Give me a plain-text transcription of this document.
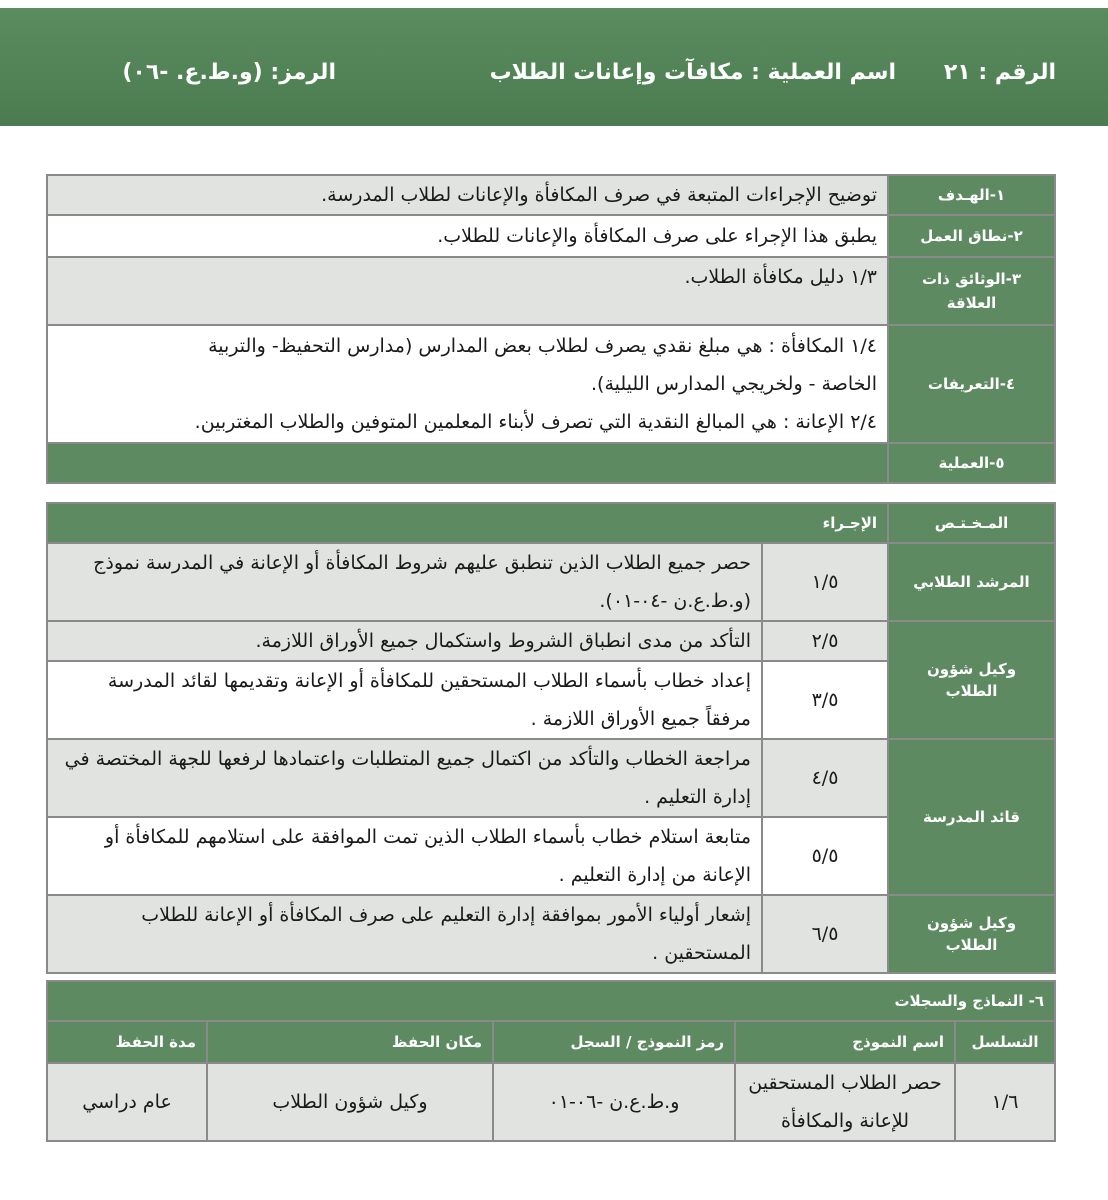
الرقم : ٢١
اسم العملية : مكافآت وإعانات الطلاب
الرمز: (و.ط.ع. -٠٦)
١-الهـدف	توضيح الإجراءات المتبعة في صرف المكافأة والإعانات لطلاب المدرسة.
٢-نطاق العمل	يطبق هذا الإجراء على صرف المكافأة والإعانات للطلاب.
٣-الوثائق ذات العلاقة	١/٣ دليل مكافأة الطلاب.
٤-التعريفات	١/٤ المكافأة : هي مبلغ نقدي يصرف لطلاب بعض المدارس (مدارس التحفيظ- والتربية
الخاصة - ولخريجي المدارس الليلية).
٢/٤ الإعانة : هي المبالغ النقدية التي تصرف لأبناء المعلمين المتوفين والطلاب المغتربين.

٥-العملية	
المـخـتـص	الإجـراء	
المرشد الطلابي	١/٥	حصر جميع الطلاب الذين تنطبق عليهم شروط المكافأة أو الإعانة في المدرسة نموذج (و.ط.ع.ن -٠٤-٠١).
وكيل شؤون الطلاب	٢/٥	التأكد من مدى انطباق الشروط واستكمال جميع الأوراق اللازمة.
	٣/٥	إعداد خطاب بأسماء الطلاب المستحقين للمكافأة أو الإعانة وتقديمها لقائد المدرسة مرفقاً جميع الأوراق اللازمة .
قائد المدرسة	٤/٥	مراجعة الخطاب والتأكد من اكتمال جميع المتطلبات واعتمادها لرفعها للجهة المختصة في إدارة التعليم .
	٥/٥	متابعة استلام خطاب بأسماء الطلاب الذين تمت الموافقة على استلامهم للمكافأة أو الإعانة من إدارة التعليم .
وكيل شؤون الطلاب	٦/٥	إشعار أولياء الأمور بموافقة إدارة التعليم على صرف المكافأة أو الإعانة للطلاب المستحقين .
٦- النماذج والسجلات				
التسلسل	اسم النموذج	رمز النموذج / السجل	مكان الحفظ	مدة الحفظ
١/٦	حصر الطلاب المستحقين للإعانة والمكافأة	و.ط.ع.ن -٠٦-٠١	وكيل شؤون الطلاب	عام دراسي
